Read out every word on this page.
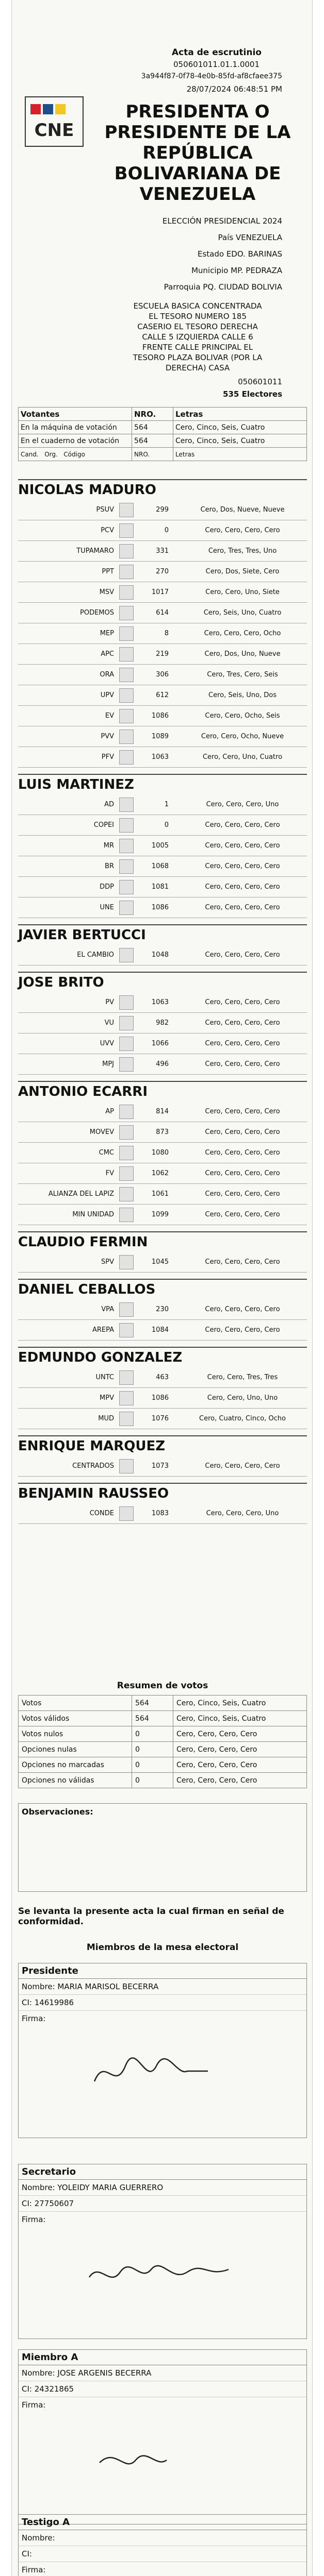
CNE
Acta de escrutinio
050601011.01.1.0001
3a944f87-0f78-4e0b-85fd-af8cfaee375
28/07/2024 06:48:51 PM
PRESIDENTA O
PRESIDENTE DE LA
REPÚBLICA
BOLIVARIANA DE
VENEZUELA
ELECCIÓN PRESIDENCIAL 2024
País VENEZUELA
Estado EDO. BARINAS
Municipio MP. PEDRAZA
Parroquia PQ. CIUDAD BOLIVIA
ESCUELA BASICA CONCENTRADA
EL TESORO NUMERO 185
CASERIO EL TESORO DERECHA
CALLE 5 IZQUIERDA CALLE 6
FRENTE CALLE PRINCIPAL EL
TESORO PLAZA BOLIVAR (POR LA
DERECHA) CASA
050601011
535 Electores
Votantes	NRO.	Letras
En la máquina de votación	564	Cero, Cinco, Seis, Cuatro
En el cuaderno de votación	564	Cero, Cinco, Seis, Cuatro
Cand. Org. Código	NRO.	Letras
NICOLAS MADURO
PSUV	299	Cero, Dos, Nueve, Nueve
PCV	0	Cero, Cero, Cero, Cero
TUPAMARO	331	Cero, Tres, Tres, Uno
PPT	270	Cero, Dos, Siete, Cero
MSV	1017	Cero, Cero, Uno, Siete
PODEMOS	614	Cero, Seis, Uno, Cuatro
MEP	8	Cero, Cero, Cero, Ocho
APC	219	Cero, Dos, Uno, Nueve
ORA	306	Cero, Tres, Cero, Seis
UPV	612	Cero, Seis, Uno, Dos
EV	1086	Cero, Cero, Ocho, Seis
PVV	1089	Cero, Cero, Ocho, Nueve
PFV	1063	Cero, Cero, Uno, Cuatro
LUIS MARTINEZ
AD	1	Cero, Cero, Cero, Uno
COPEI	0	Cero, Cero, Cero, Cero
MR	1005	Cero, Cero, Cero, Cero
BR	1068	Cero, Cero, Cero, Cero
DDP	1081	Cero, Cero, Cero, Cero
UNE	1086	Cero, Cero, Cero, Cero
JAVIER BERTUCCI
EL CAMBIO	1048	Cero, Cero, Cero, Cero
JOSE BRITO
PV	1063	Cero, Cero, Cero, Cero
VU	982	Cero, Cero, Cero, Cero
UVV	1066	Cero, Cero, Cero, Cero
MPJ	496	Cero, Cero, Cero, Cero
ANTONIO ECARRI
AP	814	Cero, Cero, Cero, Cero
MOVEV	873	Cero, Cero, Cero, Cero
CMC	1080	Cero, Cero, Cero, Cero
FV	1062	Cero, Cero, Cero, Cero
ALIANZA DEL LAPIZ	1061	Cero, Cero, Cero, Cero
MIN UNIDAD	1099	Cero, Cero, Cero, Cero
CLAUDIO FERMIN
SPV	1045	Cero, Cero, Cero, Cero
DANIEL CEBALLOS
VPA	230	Cero, Cero, Cero, Cero
AREPA	1084	Cero, Cero, Cero, Cero
EDMUNDO GONZALEZ
UNTC	463	Cero, Cero, Tres, Tres
MPV	1086	Cero, Cero, Uno, Uno
MUD	1076	Cero, Cuatro, Cinco, Ocho
ENRIQUE MARQUEZ
CENTRADOS	1073	Cero, Cero, Cero, Cero
BENJAMIN RAUSSEO
CONDE	1083	Cero, Cero, Cero, Uno
Resumen de votos
Votos	564	Cero, Cinco, Seis, Cuatro
Votos válidos	564	Cero, Cinco, Seis, Cuatro
Votos nulos	0	Cero, Cero, Cero, Cero
Opciones nulas	0	Cero, Cero, Cero, Cero
Opciones no marcadas	0	Cero, Cero, Cero, Cero
Opciones no válidas	0	Cero, Cero, Cero, Cero
Observaciones:
Se levanta la presente acta la cual firman en señal de conformidad.
Miembros de la mesa electoral
Presidente
Nombre: MARIA MARISOL BECERRA
CI: 14619986
Firma:
Secretario
Nombre: YOLEIDY MARIA GUERRERO
CI: 27750607
Firma:
Miembro A
Nombre: JOSE ARGENIS BECERRA
CI: 24321865
Firma:
Testigo A
Nombre:
CI:
Firma:
